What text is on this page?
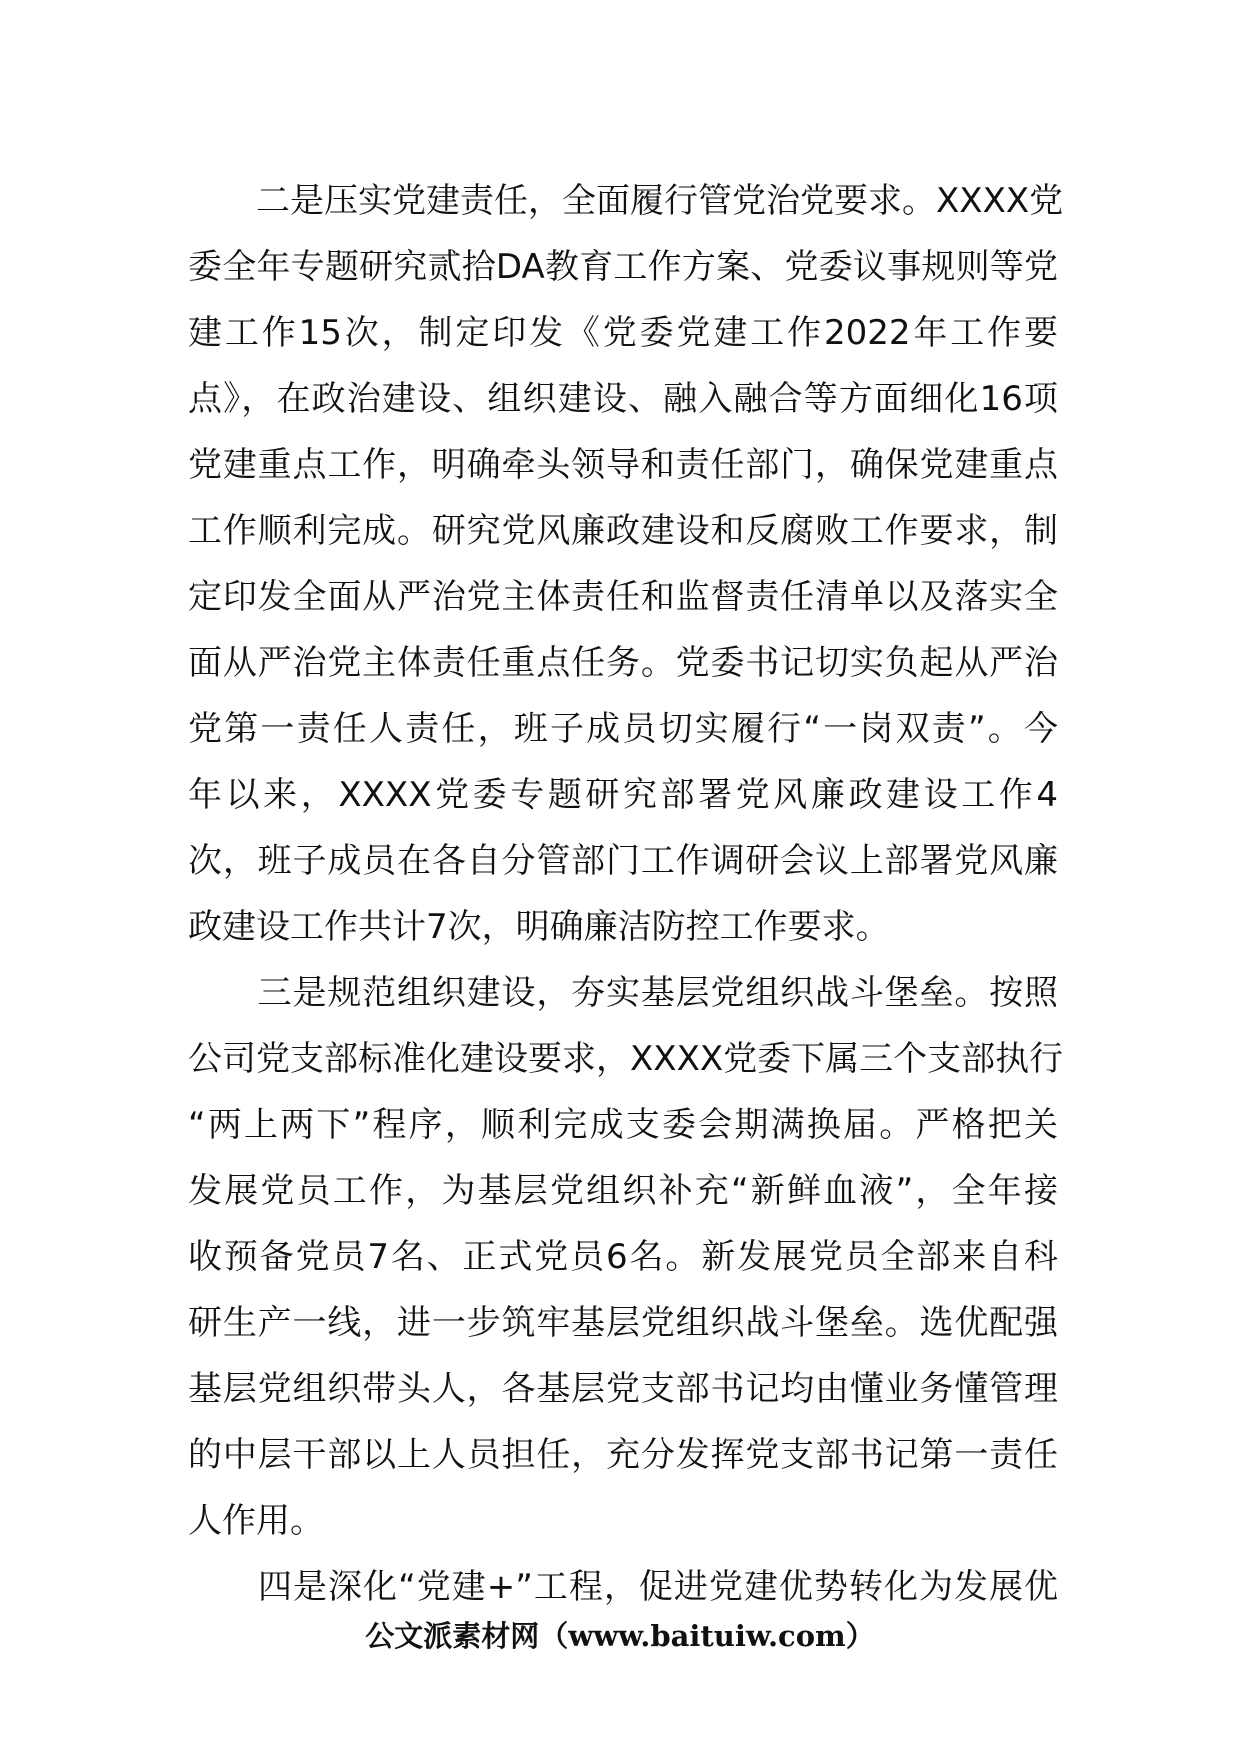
　　二是压实党建责任，全面履行管党治党要求。XXXX党
委全年专题研究贰拾DA教育工作方案、党委议事规则等党
建工作15次，制定印发《党委党建工作2022年工作要
点》，在政治建设、组织建设、融入融合等方面细化16项
党建重点工作，明确牵头领导和责任部门，确保党建重点
工作顺利完成。研究党风廉政建设和反腐败工作要求，制
定印发全面从严治党主体责任和监督责任清单以及落实全
面从严治党主体责任重点任务。党委书记切实负起从严治
党第一责任人责任，班子成员切实履行“一岗双责”。今
年以来，XXXX党委专题研究部署党风廉政建设工作4
次，班子成员在各自分管部门工作调研会议上部署党风廉
政建设工作共计7次，明确廉洁防控工作要求。
　　三是规范组织建设，夯实基层党组织战斗堡垒。按照
公司党支部标准化建设要求，XXXX党委下属三个支部执行
“两上两下”程序，顺利完成支委会期满换届。严格把关
发展党员工作，为基层党组织补充“新鲜血液”，全年接
收预备党员7名、正式党员6名。新发展党员全部来自科
研生产一线，进一步筑牢基层党组织战斗堡垒。选优配强
基层党组织带头人，各基层党支部书记均由懂业务懂管理
的中层干部以上人员担任，充分发挥党支部书记第一责任
人作用。
　　四是深化“党建+”工程，促进党建优势转化为发展优
公文派素材网（www.baituiw.com）
